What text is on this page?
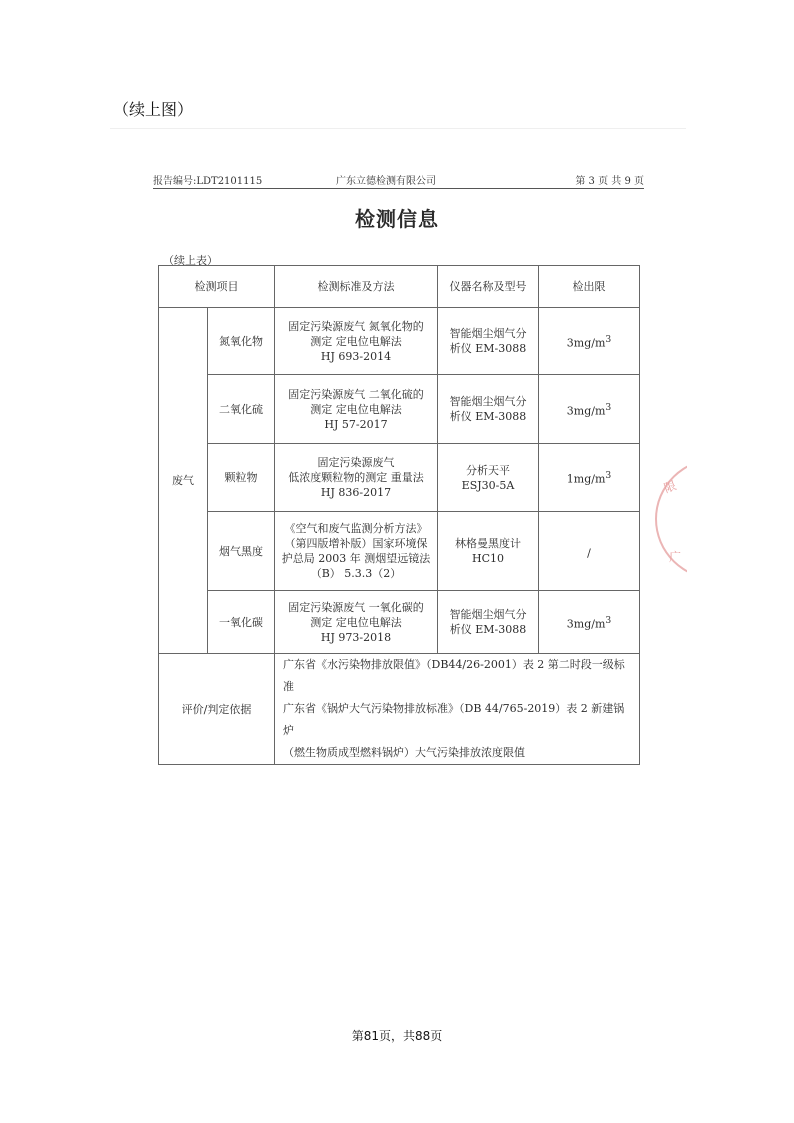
（续上图）
报告编号:LDT2101115	广东立德检测有限公司	第 3 页 共 9 页
检测信息
（续上表）
检测项目		检测标准及方法	仪器名称及型号	检出限
废气	氮氧化物	固定污染源废气 氮氧化物的
测定 定电位电解法
HJ 693-2014	智能烟尘烟气分
析仪 EM-3088	$3mg/m^3$
	二氧化硫	固定污染源废气 二氧化硫的
测定 定电位电解法
HJ 57-2017	智能烟尘烟气分
析仪 EM-3088	$3mg/m^3$
	颗粒物	固定污染源废气
低浓度颗粒物的测定 重量法
HJ 836-2017	分析天平
ESJ30-5A	$1mg/m^3$
	烟气黑度	《空气和废气监测分析方法》
（第四版增补版）国家环境保
护总局 2003 年 测烟望远镜法
（B） 5.3.3（2）	林格曼黑度计
HC10	/
	一氧化碳	固定污染源废气 一氧化碳的
测定 定电位电解法
HJ 973-2018	智能烟尘烟气分
析仪 EM-3088	$3mg/m^3$
评价/判定依据		广东省《水污染物排放限值》（DB44/26-2001）表 2 第二时段一级标准
广东省《锅炉大气污染物排放标准》（DB 44/765-2019）表 2 新建锅炉
（燃生物质成型燃料锅炉）大气污染排放浓度限值		
限
广
第81页，共88页
